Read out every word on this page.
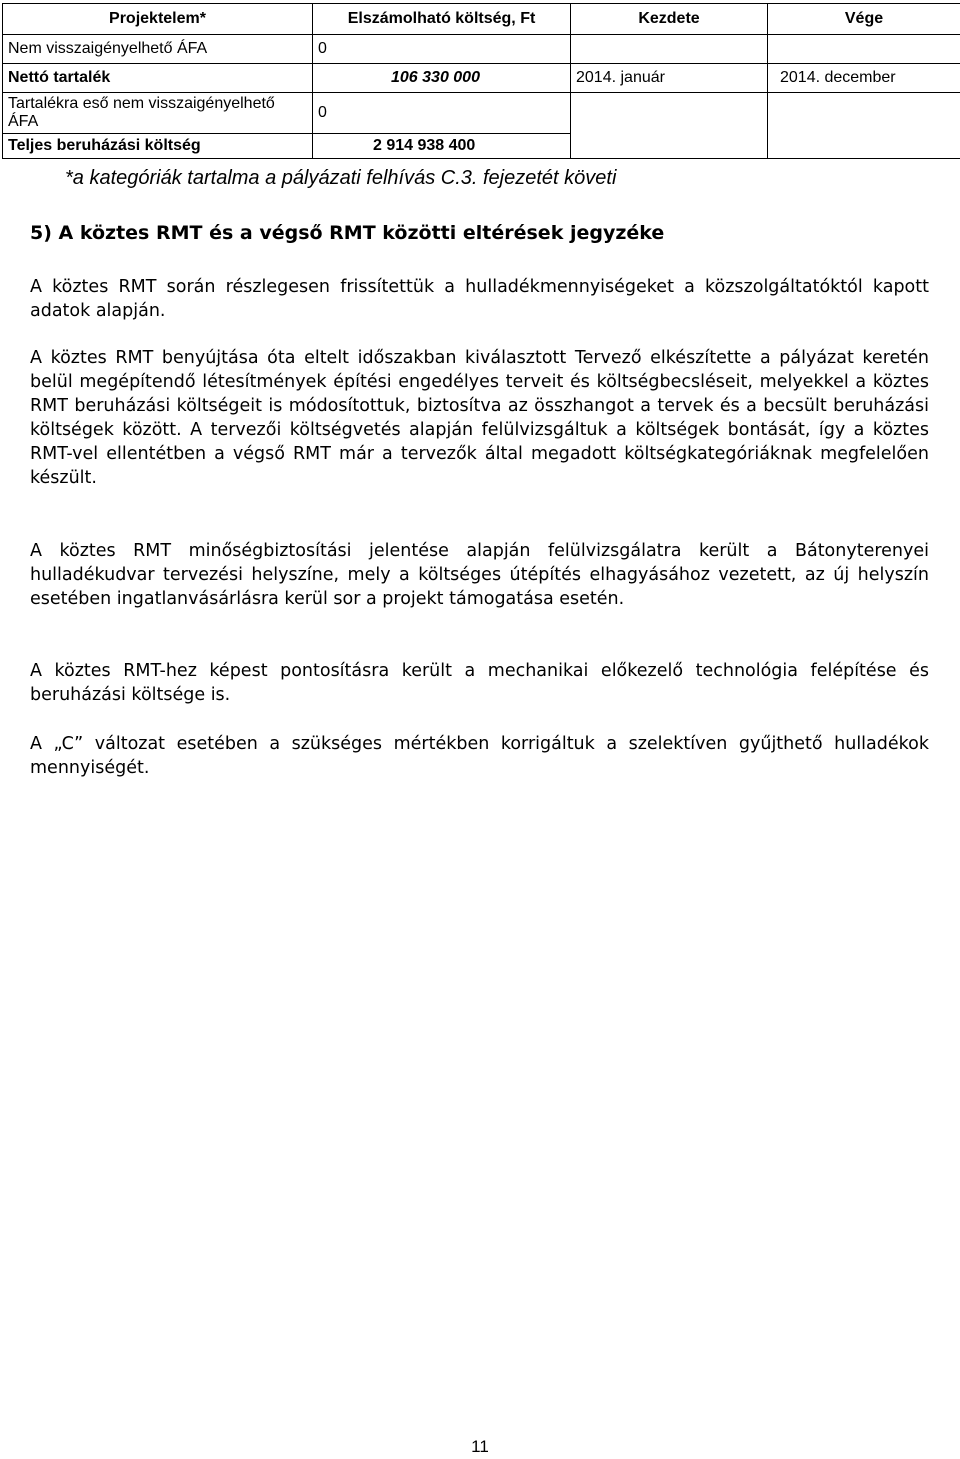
Projektelem*	Elszámolható költség, Ft	Kezdete	Vége
Nem visszaigényelhető ÁFA	0		
Nettó tartalék	106 330 000	2014. január	2014. december
Tartalékra eső nem visszaigényelhető ÁFA	0		
Teljes beruházási költség	2 914 938 400		
*a kategóriák tartalma a pályázati felhívás C.3. fejezetét követi
5) A köztes RMT és a végső RMT közötti eltérések jegyzéke

A köztes RMT során részlegesen frissítettük a hulladékmennyiségeket a közszolgáltatóktól kapott adatok alapján.

A köztes RMT benyújtása óta eltelt időszakban kiválasztott Tervező elkészítette a pályázat keretén belül megépítendő létesítmények építési engedélyes terveit és költségbecsléseit, melyekkel a köztes RMT beruházási költségeit is módosítottuk, biztosítva az összhangot a tervek és a becsült beruházási költségek között. A tervezői költségvetés alapján felülvizsgáltuk a költségek bontását, így a köztes RMT-vel ellentétben a végső RMT már a tervezők által megadott költségkategóriáknak megfelelően készült.

A köztes RMT minőségbiztosítási jelentése alapján felülvizsgálatra került a Bátonyterenyei hulladékudvar tervezési helyszíne, mely a költséges útépítés elhagyásához vezetett, az új helyszín esetében ingatlanvásárlásra kerül sor a projekt támogatása esetén.

A köztes RMT-hez képest pontosításra került a mechanikai előkezelő technológia felépítése és beruházási költsége is.

A „C” változat esetében a szükséges mértékben korrigáltuk a szelektíven gyűjthető hulladékok mennyiségét.

11
